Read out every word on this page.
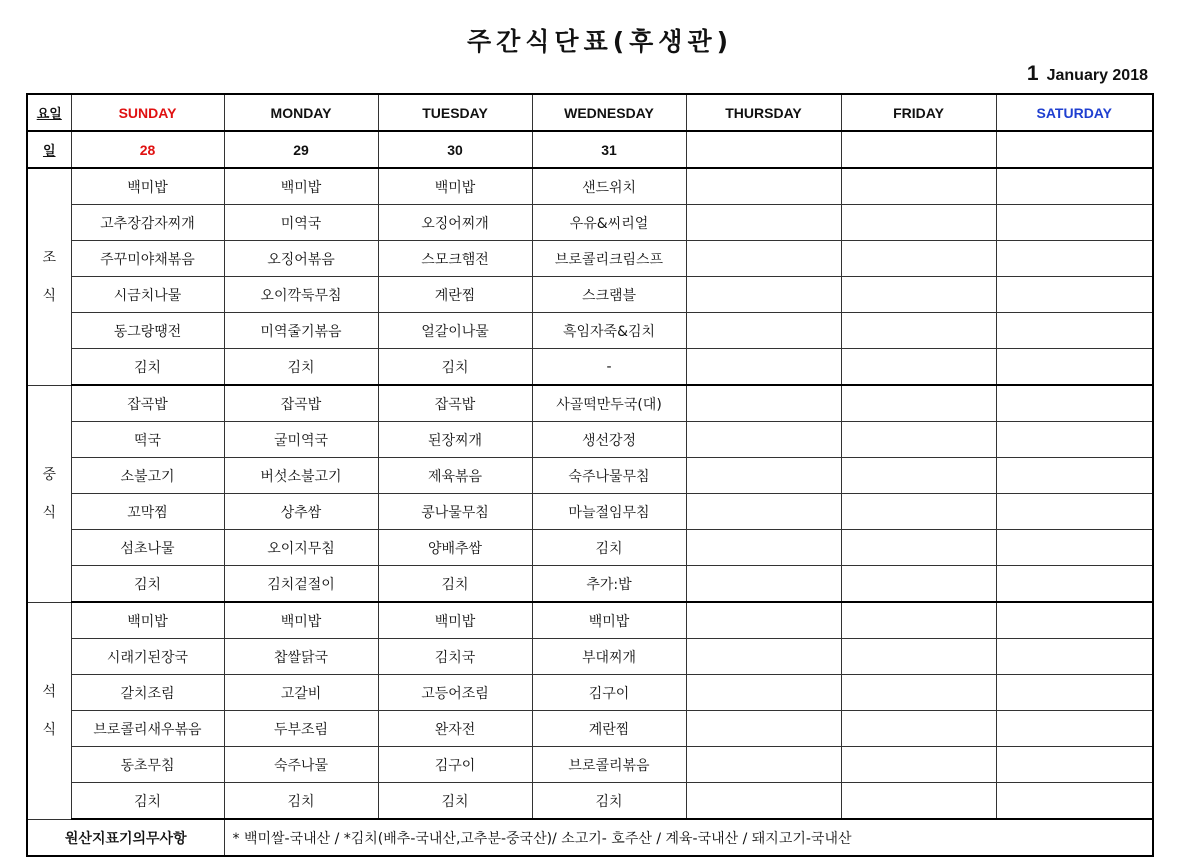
주간식단표(후생관)
1 January 2018
요일	SUNDAY	MONDAY	TUESDAY	WEDNESDAY	THURSDAY	FRIDAY	SATURDAY
일	28	29	30	31			

조
식	백미밥	백미밥	백미밥	샌드위치			
	고추장감자찌개	미역국	오징어찌개	우유&씨리얼			
	주꾸미야채볶음	오징어볶음	스모크햄전	브로콜리크림스프			
	시금치나물	오이깍둑무침	계란찜	스크램블			
	동그랑땡전	미역줄기볶음	얼갈이나물	흑임자죽&김치			
	김치	김치	김치	-			

중
식	잡곡밥	잡곡밥	잡곡밥	사골떡만두국(대)			
	떡국	굴미역국	된장찌개	생선강정			
	소불고기	버섯소불고기	제육볶음	숙주나물무침			
	꼬막찜	상추쌈	콩나물무침	마늘절임무침			
	섬초나물	오이지무침	양배추쌈	김치			
	김치	김치겉절이	김치	추가:밥			

석
식	백미밥	백미밥	백미밥	백미밥			
	시래기된장국	찹쌀닭국	김치국	부대찌개			
	갈치조림	고갈비	고등어조림	김구이			
	브로콜리새우볶음	두부조림	완자전	계란찜			
	동초무침	숙주나물	김구이	브로콜리볶음			
	김치	김치	김치	김치			
원산지표기의무사항		* 백미쌀-국내산 / *김치(배추-국내산,고추분-중국산)/ 소고기- 호주산 / 계육-국내산 / 돼지고기-국내산					
